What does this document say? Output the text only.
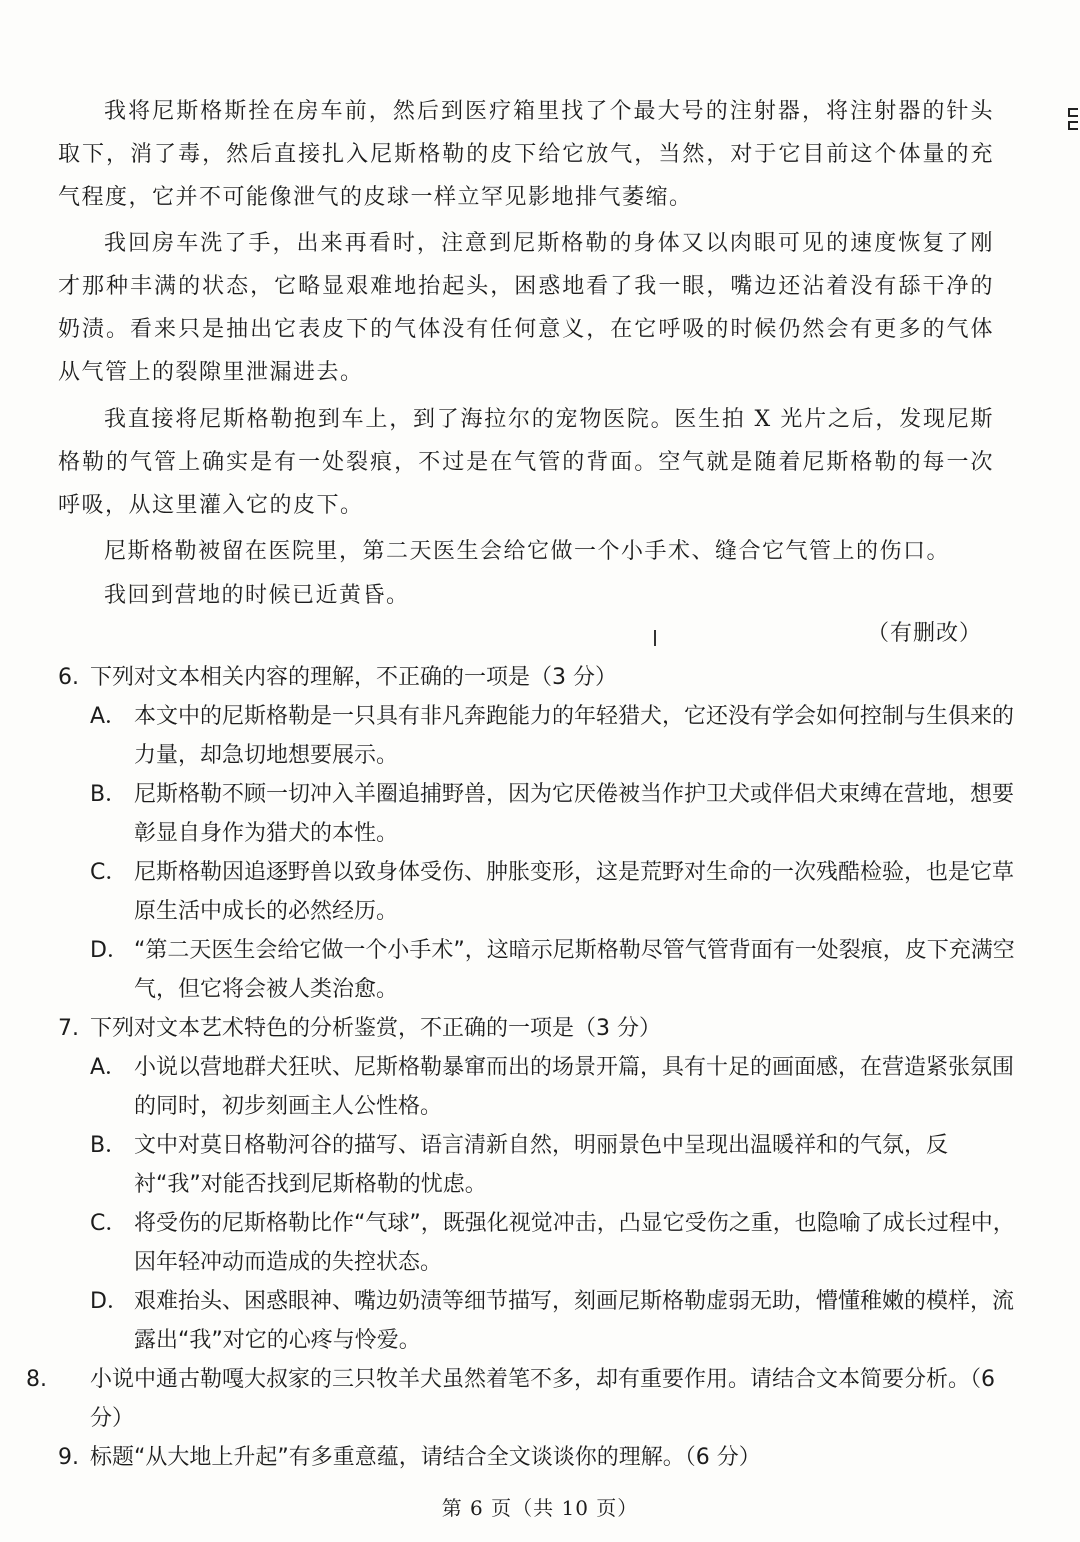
我将尼斯格斯拴在房车前，然后到医疗箱里找了个最大号的注射器，将注射器的针头取下，消了毒，然后直接扎入尼斯格勒的皮下给它放气，当然，对于它目前这个体量的充气程度，它并不可能像泄气的皮球一样立罕见影地排气萎缩。

我回房车洗了手，出来再看时，注意到尼斯格勒的身体又以肉眼可见的速度恢复了刚才那种丰满的状态，它略显艰难地抬起头，困惑地看了我一眼，嘴边还沾着没有舔干净的奶渍。看来只是抽出它表皮下的气体没有任何意义，在它呼吸的时候仍然会有更多的气体从气管上的裂隙里泄漏进去。

我直接将尼斯格勒抱到车上，到了海拉尔的宠物医院。医生拍 X 光片之后，发现尼斯格勒的气管上确实是有一处裂痕，不过是在气管的背面。空气就是随着尼斯格勒的每一次呼吸，从这里灌入它的皮下。

尼斯格勒被留在医院里，第二天医生会给它做一个小手术、缝合它气管上的伤口。

我回到营地的时候已近黄昏。

（有删改）

6. 下列对文本相关内容的理解，不正确的一项是（3 分）

A． 本文中的尼斯格勒是一只具有非凡奔跑能力的年轻猎犬，它还没有学会如何控制与生俱来的力量，却急切地想要展示。

B． 尼斯格勒不顾一切冲入羊圈追捕野兽，因为它厌倦被当作护卫犬或伴侣犬束缚在营地，想要彰显自身作为猎犬的本性。

C． 尼斯格勒因追逐野兽以致身体受伤、肿胀变形，这是荒野对生命的一次残酷检验，也是它草原生活中成长的必然经历。

D． “第二天医生会给它做一个小手术”，这暗示尼斯格勒尽管气管背面有一处裂痕，皮下充满空气，但它将会被人类治愈。

7. 下列对文本艺术特色的分析鉴赏，不正确的一项是（3 分）

A． 小说以营地群犬狂吠、尼斯格勒暴窜而出的场景开篇，具有十足的画面感，在营造紧张氛围的同时，初步刻画主人公性格。

B． 文中对莫日格勒河谷的描写、语言清新自然，明丽景色中呈现出温暖祥和的气氛，反衬“我”对能否找到尼斯格勒的忧虑。

C． 将受伤的尼斯格勒比作“气球”，既强化视觉冲击，凸显它受伤之重，也隐喻了成长过程中，因年轻冲动而造成的失控状态。

D． 艰难抬头、困惑眼神、嘴边奶渍等细节描写，刻画尼斯格勒虚弱无助，懵懂稚嫩的模样，流露出“我”对它的心疼与怜爱。

8. 小说中通古勒嘎大叔家的三只牧羊犬虽然着笔不多，却有重要作用。请结合文本简要分析。（6 分）

9. 标题“从大地上升起”有多重意蕴，请结合全文谈谈你的理解。（6 分）

第 6 页（共 10 页）
